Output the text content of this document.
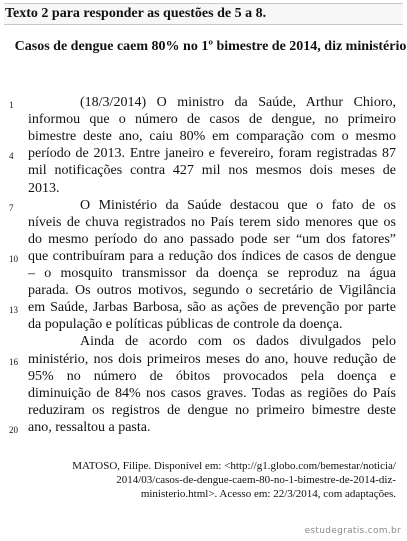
Texto 2 para responder as questões de 5 a 8.
Casos de dengue caem 80% no 1º bimestre de 2014, diz ministério
(18/3/2014) O ministro da Saúde, Arthur Chioro,
informou que o número de casos de dengue, no primeiro
bimestre deste ano, caiu 80% em comparação com o mesmo
período de 2013. Entre janeiro e fevereiro, foram registradas 87
mil notificações contra 427 mil nos mesmos dois meses de
2013.
O Ministério da Saúde destacou que o fato de os
níveis de chuva registrados no País terem sido menores que os
do mesmo período do ano passado pode ser “um dos fatores”
que contribuíram para a redução dos índices de casos de dengue
– o mosquito transmissor da doença se reproduz na água
parada. Os outros motivos, segundo o secretário de Vigilância
em Saúde, Jarbas Barbosa, são as ações de prevenção por parte
da população e políticas públicas de controle da doença.
Ainda de acordo com os dados divulgados pelo
ministério, nos dois primeiros meses do ano, houve redução de
95% no número de óbitos provocados pela doença e
diminuição de 84% nos casos graves. Todas as regiões do País
reduziram os registros de dengue no primeiro bimestre deste
ano, ressaltou a pasta.
1
4
7
10
13
16
20
MATOSO, Filipe. Disponível em: <http://g1.globo.com/bemestar/noticia/
2014/03/casos-de-dengue-caem-80-no-1-bimestre-de-2014-diz-
ministerio.html>. Acesso em: 22/3/2014, com adaptações.
estudegratis.com.br
